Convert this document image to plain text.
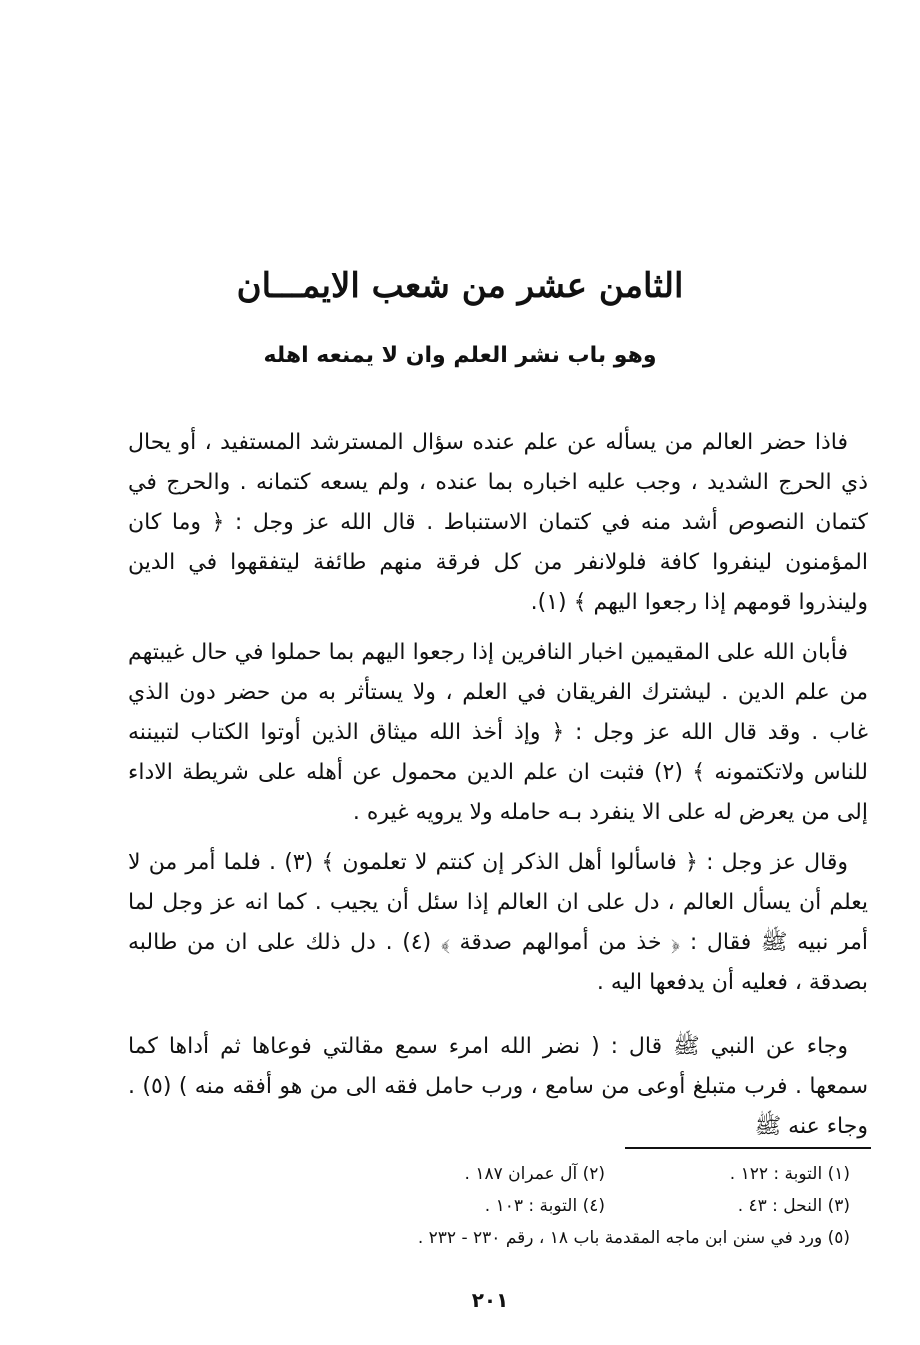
الثامن عشر من شعب الايمـــان
وهو باب نشر العلم وان لا يمنعه اهله

فاذا حضر العالم من يسأله عن علم عنده سؤال المسترشد المستفيد ، أو يحال ذي الحرج الشديد ، وجب عليه اخباره بما عنده ، ولم يسعه كتمانه . والحرج في كتمان النصوص أشد منه في كتمان الاستنباط . قال الله عز وجل : ﴿ وما كان المؤمنون لينفروا كافة فلولانفر من كل فرقة منهم طائفة ليتفقهوا في الدين ولينذروا قومهم إذا رجعوا اليهم ﴾ (١).

فأبان الله على المقيمين اخبار النافرين إذا رجعوا اليهم بما حملوا في حال غيبتهم من علم الدين . ليشترك الفريقان في العلم ، ولا يستأثر به من حضر دون الذي غاب . وقد قال الله عز وجل : ﴿ وإذ أخذ الله ميثاق الذين أوتوا الكتاب لتبيننه للناس ولاتكتمونه ﴾ (٢) فثبت ان علم الدين محمول عن أهله على شريطة الاداء إلى من يعرض له على الا ينفرد بـه حامله ولا يرويه غيره .

وقال عز وجل : ﴿ فاسألوا أهل الذكر إن كنتم لا تعلمون ﴾ (٣) . فلما أمر من لا يعلم أن يسأل العالم ، دل على ان العالم إذا سئل أن يجيب . كما انه عز وجل لما أمر نبيه ﷺ فقال : ﴿ خذ من أموالهم صدقة ﴾ (٤) . دل ذلك على ان من طالبه بصدقة ، فعليه أن يدفعها اليه .

وجاء عن النبي ﷺ قال : ( نضر الله امرء سمع مقالتي فوعاها ثم أداها كما سمعها . فرب متبلغ أوعى من سامع ، ورب حامل فقه الى من هو أفقه منه ) (٥) . وجاء عنه ﷺ

(١) التوبة : ١٢٢ .
(٢) آل عمران ١٨٧ .
(٣) النحل : ٤٣ .
(٤) التوبة : ١٠٣ .
(٥) ورد في سنن ابن ماجه المقدمة باب ١٨ ، رقم ٢٣٠ - ٢٣٢ .
٢٠١
